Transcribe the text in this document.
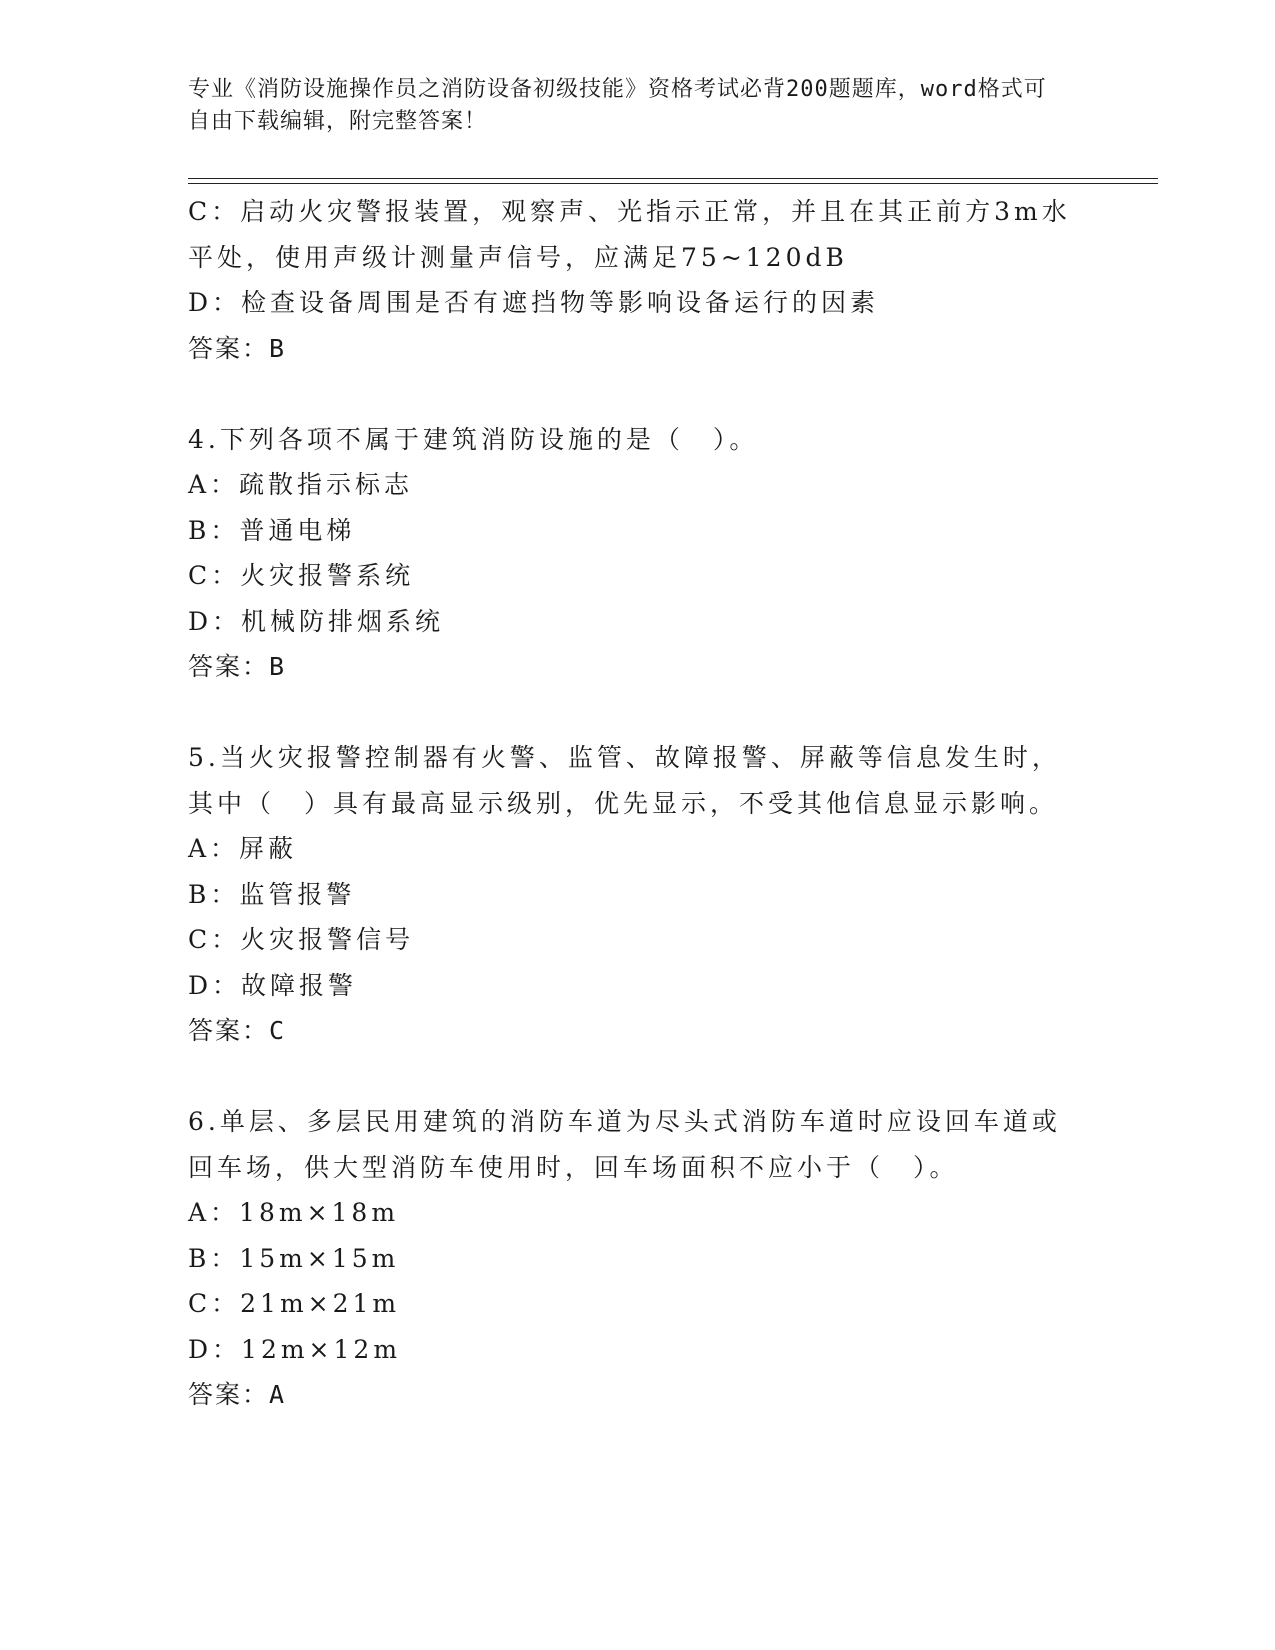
专业《消防设施操作员之消防设备初级技能》资格考试必背200题题库，word格式可自由下载编辑，附完整答案！
C：启动火灾警报装置，观察声、光指示正常，并且在其正前方3m水
平处，使用声级计测量声信号，应满足75~120dB
D：检查设备周围是否有遮挡物等影响设备运行的因素
答案：B
4.下列各项不属于建筑消防设施的是（　）。
A：疏散指示标志
B：普通电梯
C：火灾报警系统
D：机械防排烟系统
答案：B
5.当火灾报警控制器有火警、监管、故障报警、屏蔽等信息发生时，
其中（　）具有最高显示级别，优先显示，不受其他信息显示影响。
A：屏蔽
B：监管报警
C：火灾报警信号
D：故障报警
答案：C
6.单层、多层民用建筑的消防车道为尽头式消防车道时应设回车道或
回车场，供大型消防车使用时，回车场面积不应小于（　）。
A：18m×18m
B：15m×15m
C：21m×21m
D：12m×12m
答案：A
